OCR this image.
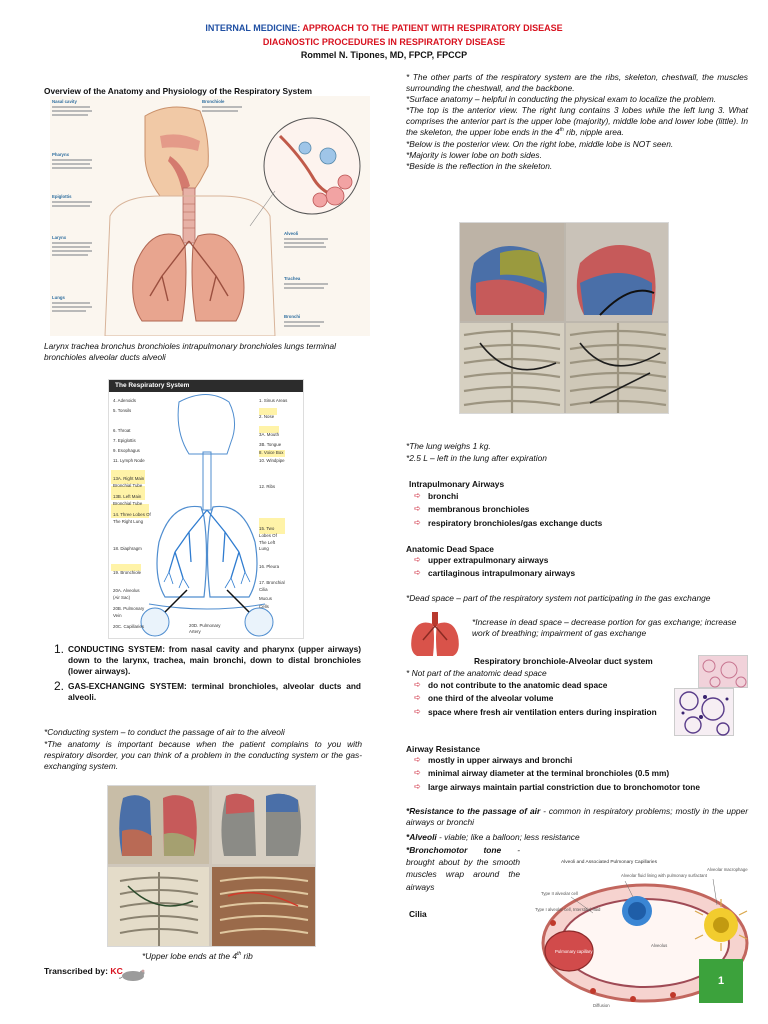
INTERNAL MEDICINE: APPROACH TO THE PATIENT WITH RESPIRATORY DISEASE
DIAGNOSTIC PROCEDURES IN RESPIRATORY DISEASE
Rommel N. Tipones, MD, FPCP, FPCCP
Overview of the Anatomy and Physiology of the Respiratory System
Nasal cavity
Pharynx
Epiglottis
Larynx
Lungs
Bronchiole
Alveoli
Trachea
Bronchi
Larynx trachea bronchus bronchioles intrapulmonary bronchioles lungs terminal bronchioles alveolar ducts alveoli
The Respiratory System
4. Adenoids
5. Tonsils
6. Throat
7. Epiglottis
9. Esophagus
11. Lymph Node
13A. Right Main Bronchial Tube
13B. Left Main Bronchial Tube
14. Three Lobes Of The Right Lung
18. Diaphragm
19. Bronchiole
20A. Alveolus (Air Sac)
20B. Pulmonary Vein
20C. Capillaries
1. Sinus Areas
2. Nose
3A. Mouth
3B. Tongue
8. Voice Box
10. Windpipe
12. Ribs
15. Two Lobes Of The Left Lung
16. Pleura
17. Bronchial Cilia
Mucus
Cells
20D. Pulmonary Artery
1. CONDUCTING SYSTEM: from nasal cavity and pharynx (upper airways) down to the larynx, trachea, main bronchi, down to distal bronchioles (lower airways).
2. GAS-EXCHANGING SYSTEM: terminal bronchioles, alveolar ducts and alveoli.
*Conducting system – to conduct the passage of air to the alveoli
*The anatomy is important because when the patient complains to you with respiratory disorder, you can think of a problem in the conducting system or the gas-exchanging system.
*Upper lobe ends at the 4th rib
Transcribed by: KC

* The other parts of the respiratory system are the ribs, skeleton, chestwall, the muscles surrounding the chestwall, and the backbone.

*Surface anatomy – helpful in conducting the physical exam to localize the problem.

*The top is the anterior view. The right lung contains 3 lobes while the left lung 3. What comprises the anterior part is the upper lobe (majority), middle lobe and lower lobe (little). In the skeleton, the upper lobe ends in the 4th rib, nipple area.

*Below is the posterior view. On the right lobe, middle lobe is NOT seen.

*Majority is lower lobe on both sides.

*Beside is the reflection in the skeleton.

*The lung weighs 1 kg.
*2.5 L – left in the lung after expiration
Intrapulmonary Airways
➪ bronchi
➪ membranous bronchioles
➪ respiratory bronchioles/gas exchange ducts
Anatomic Dead Space
➪ upper extrapulmonary airways
➪ cartilaginous intrapulmonary airways
*Dead space – part of the respiratory system not participating in the gas exchange
*Increase in dead space – decrease portion for gas exchange; increase work of breathing; impairment of gas exchange
Respiratory bronchiole-Alveolar duct system
* Not part of the anatomic dead space
➪ do not contribute to the anatomic dead space
➪ one third of the alveolar volume
➪ space where fresh air ventilation enters during inspiration
Airway Resistance
➪ mostly in upper airways and bronchi
➪ minimal airway diameter at the terminal bronchioles (0.5 mm)
➪ large airways maintain partial constriction due to bronchomotor tone
*Resistance to the passage of air - common in respiratory problems; mostly in the upper airways or bronchi
*Alveoli - viable; like a balloon; less resistance
*Bronchomotor tone - brought about by the smooth muscles wrap around the airways
Cilia
Alveoli and Associated Pulmonary Capillaries
Alveolar fluid lining with pulmonary surfactant
Type II alveolar cell
Type I alveolar cell, Interstitial fluid
Alveolar macrophage
Alveolus
Pulmonary capillary
Diffusion
1
